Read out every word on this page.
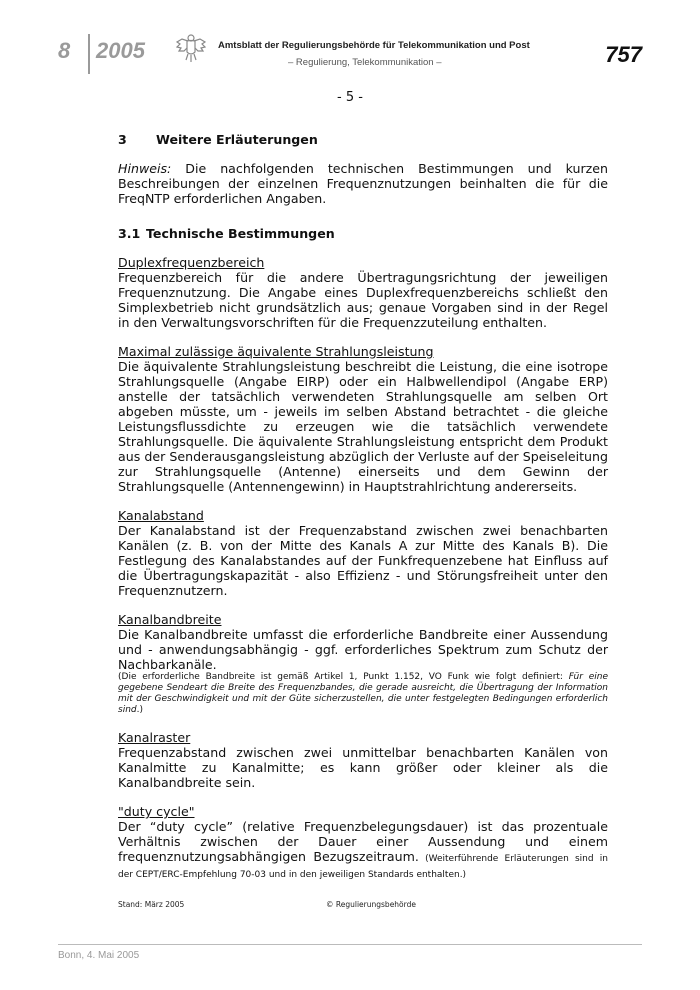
8 2005	Amtsblatt der Regulierungsbehörde für Telekommunikation und Post
– Regulierung, Telekommunikation –	757
- 5 -
3 Weitere Erläuterungen

Hinweis: Die nachfolgenden technischen Bestimmungen und kurzen Beschreibungen der einzelnen Frequenznutzungen beinhalten die für die FreqNTP erforderlichen Angaben.

3.1 Technische Bestimmungen
Duplexfrequenzbereich

Frequenzbereich für die andere Übertragungsrichtung der jeweiligen Frequenznutzung. Die Angabe eines Duplexfrequenzbereichs schließt den Simplexbetrieb nicht grundsätzlich aus; genaue Vorgaben sind in der Regel in den Verwaltungsvorschriften für die Frequenzzuteilung enthalten.

Maximal zulässige äquivalente Strahlungsleistung

Die äquivalente Strahlungsleistung beschreibt die Leistung, die eine isotrope Strahlungsquelle (Angabe EIRP) oder ein Halbwellendipol (Angabe ERP) anstelle der tatsächlich verwendeten Strahlungsquelle am selben Ort abgeben müsste, um - jeweils im selben Abstand betrachtet - die gleiche Leistungsflussdichte zu erzeugen wie die tatsächlich verwendete Strahlungsquelle. Die äquivalente Strahlungsleistung entspricht dem Produkt aus der Senderausgangsleistung abzüglich der Verluste auf der Speiseleitung zur Strahlungsquelle (Antenne) einerseits und dem Gewinn der Strahlungsquelle (Antennengewinn) in Hauptstrahlrichtung andererseits.

Kanalabstand

Der Kanalabstand ist der Frequenzabstand zwischen zwei benachbarten Kanälen (z. B. von der Mitte des Kanals A zur Mitte des Kanals B). Die Festlegung des Kanalabstandes auf der Funkfrequenzebene hat Einfluss auf die Übertragungskapazität - also Effizienz - und Störungsfreiheit unter den Frequenznutzern.

Kanalbandbreite

Die Kanalbandbreite umfasst die erforderliche Bandbreite einer Aussendung und - anwendungsabhängig - ggf. erforderliches Spektrum zum Schutz der Nachbarkanäle.

(Die erforderliche Bandbreite ist gemäß Artikel 1, Punkt 1.152, VO Funk wie folgt definiert: Für eine gegebene Sendeart die Breite des Frequenzbandes, die gerade ausreicht, die Übertragung der Information mit der Geschwindigkeit und mit der Güte sicherzustellen, die unter festgelegten Bedingungen erforderlich sind.)

Kanalraster

Frequenzabstand zwischen zwei unmittelbar benachbarten Kanälen von Kanalmitte zu Kanalmitte; es kann größer oder kleiner als die Kanalbandbreite sein.

"duty cycle"

Der “duty cycle” (relative Frequenzbelegungsdauer) ist das prozentuale Verhältnis zwischen der Dauer einer Aussendung und einem frequenznutzungsabhängigen Bezugszeitraum. (Weiterführende Erläuterungen sind in der CEPT/ERC-Empfehlung 70-03 und in den jeweiligen Standards enthalten.)

Stand: März 2005	© Regulierungsbehörde
Bonn, 4. Mai 2005
